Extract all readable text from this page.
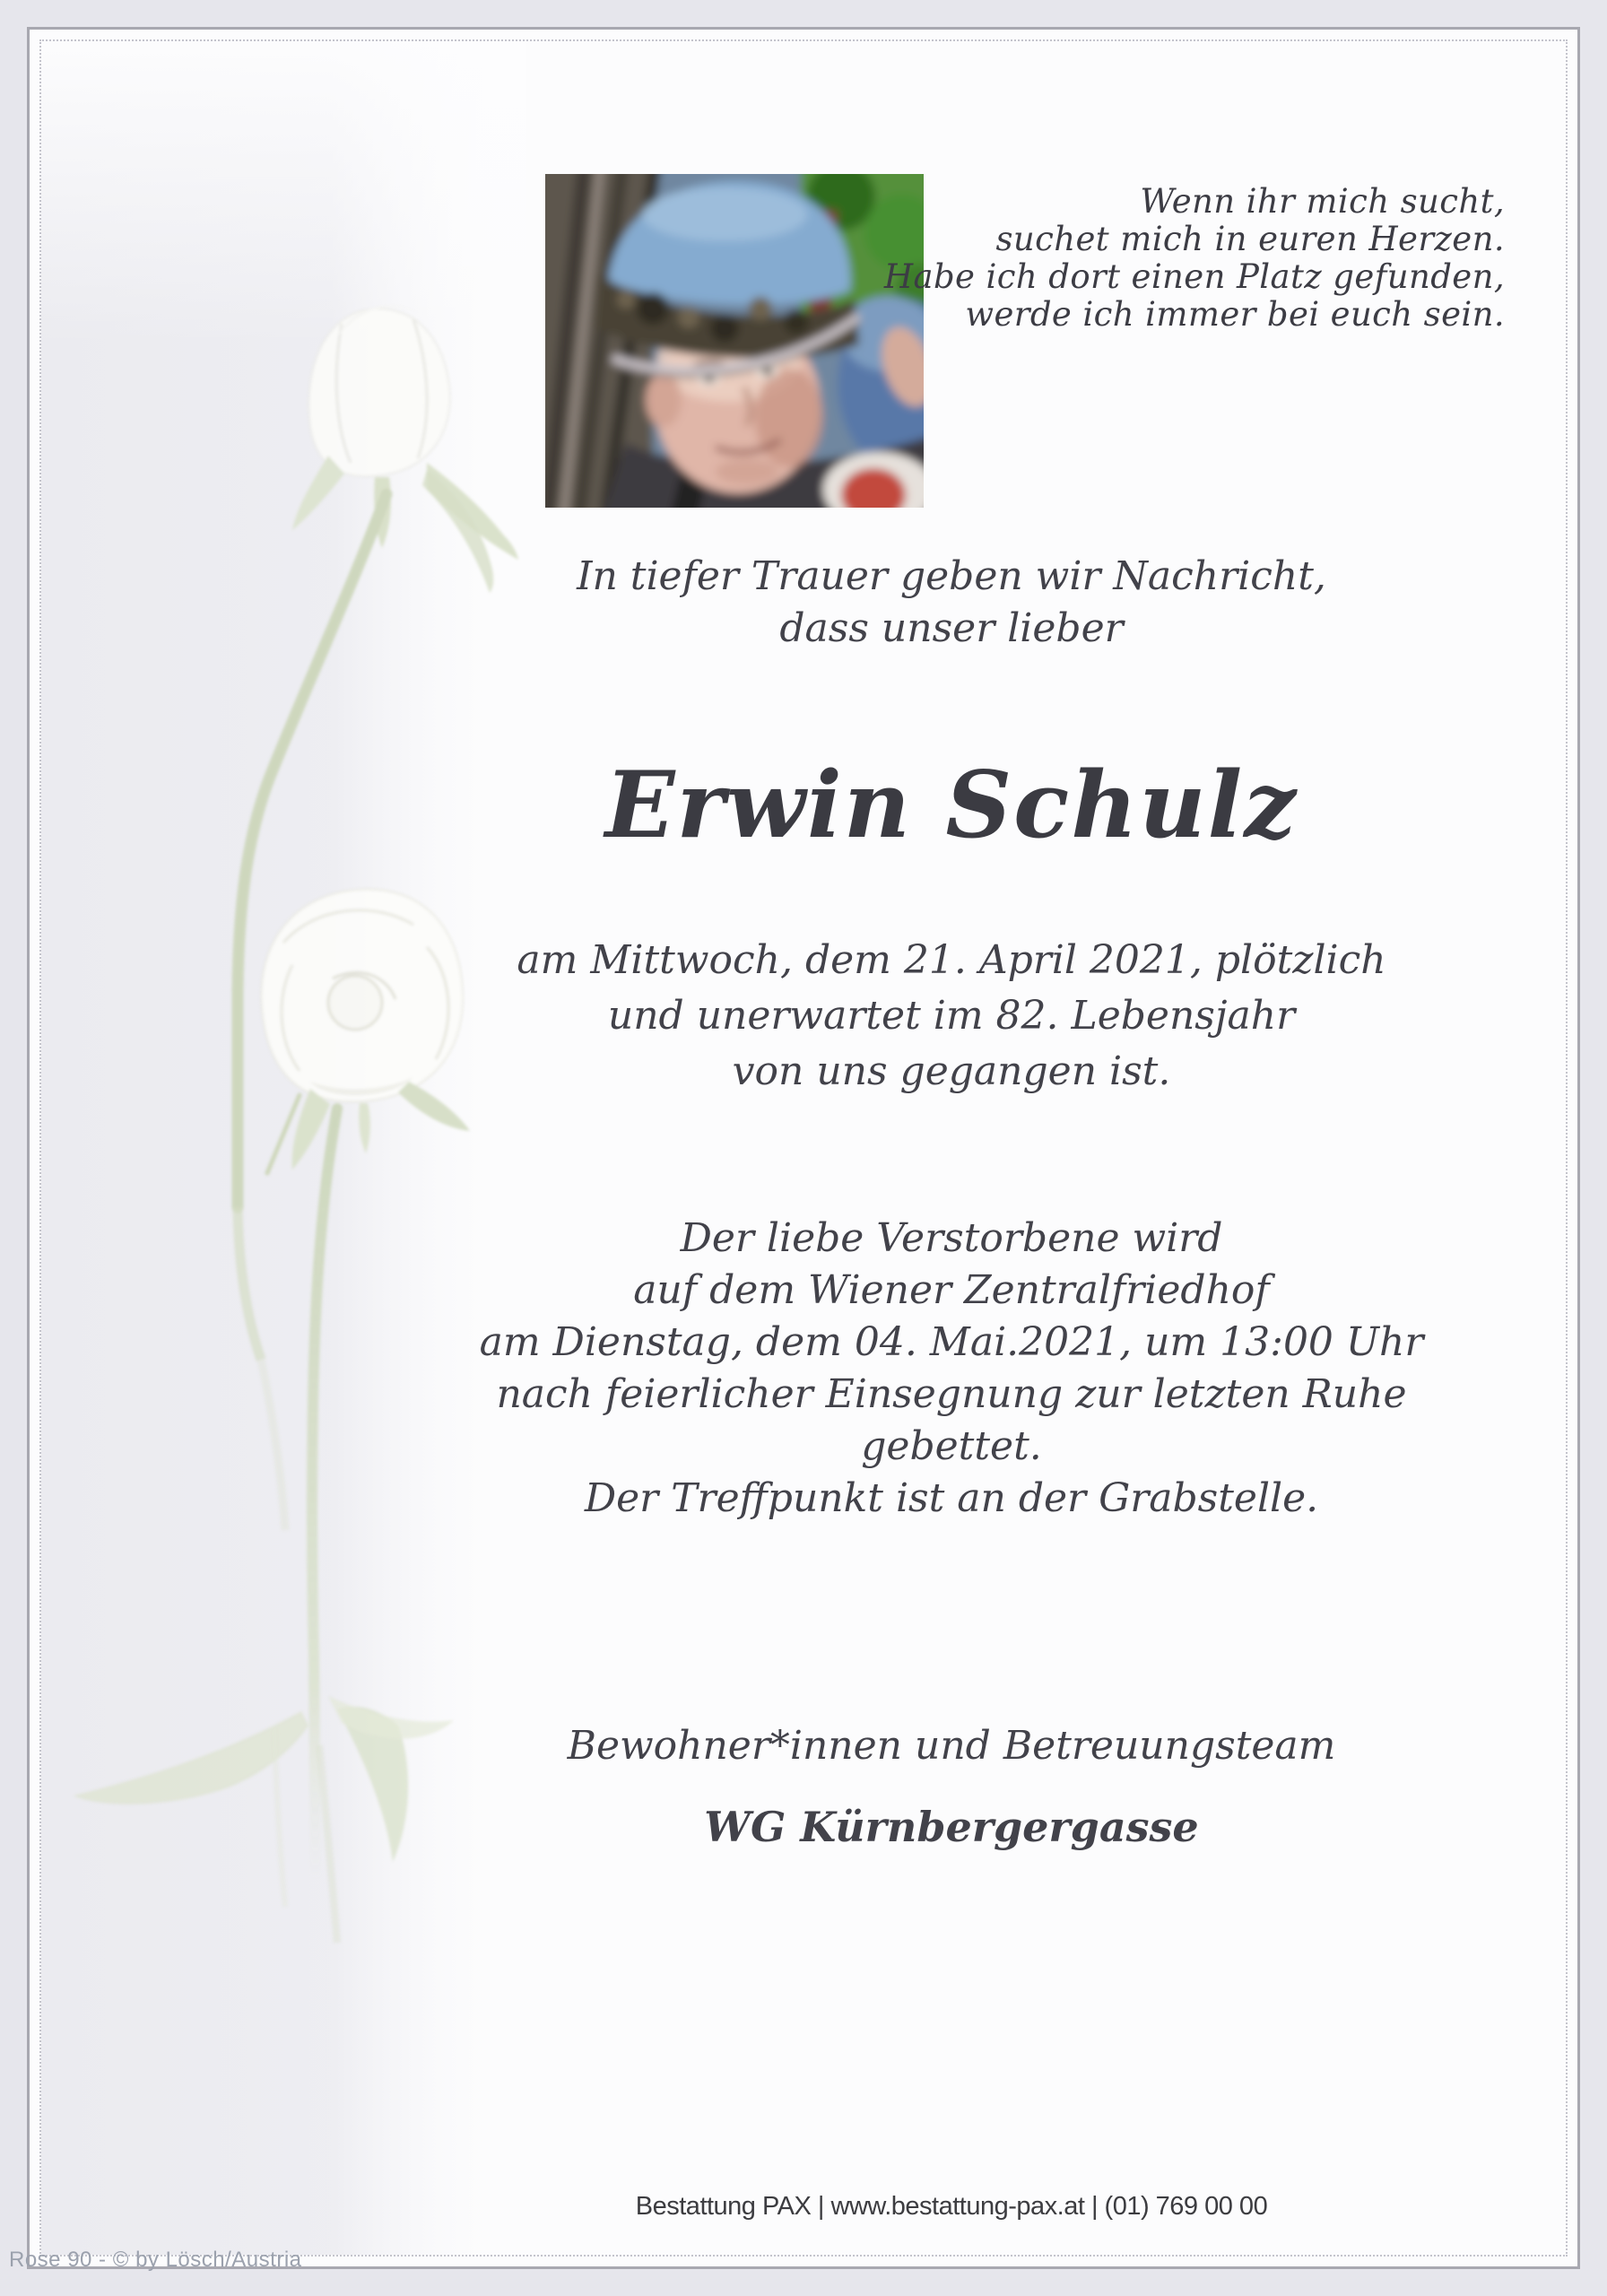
Wenn ihr mich sucht,
suchet mich in euren Herzen.
Habe ich dort einen Platz gefunden,
werde ich immer bei euch sein.
In tiefer Trauer geben wir Nachricht,
dass unser lieber
Erwin Schulz
am Mittwoch, dem 21. April 2021, plötzlich
und unerwartet im 82. Lebensjahr
von uns gegangen ist.
Der liebe Verstorbene wird
auf dem Wiener Zentralfriedhof
am Dienstag, dem 04. Mai.2021, um 13:00 Uhr
nach feierlicher Einsegnung zur letzten Ruhe gebettet.
Der Treffpunkt ist an der Grabstelle.
Bewohner*innen und Betreuungsteam
WG Kürnbergergasse
Bestattung PAX | www.bestattung-pax.at | (01) 769 00 00
Rose 90 - © by Lösch/Austria
